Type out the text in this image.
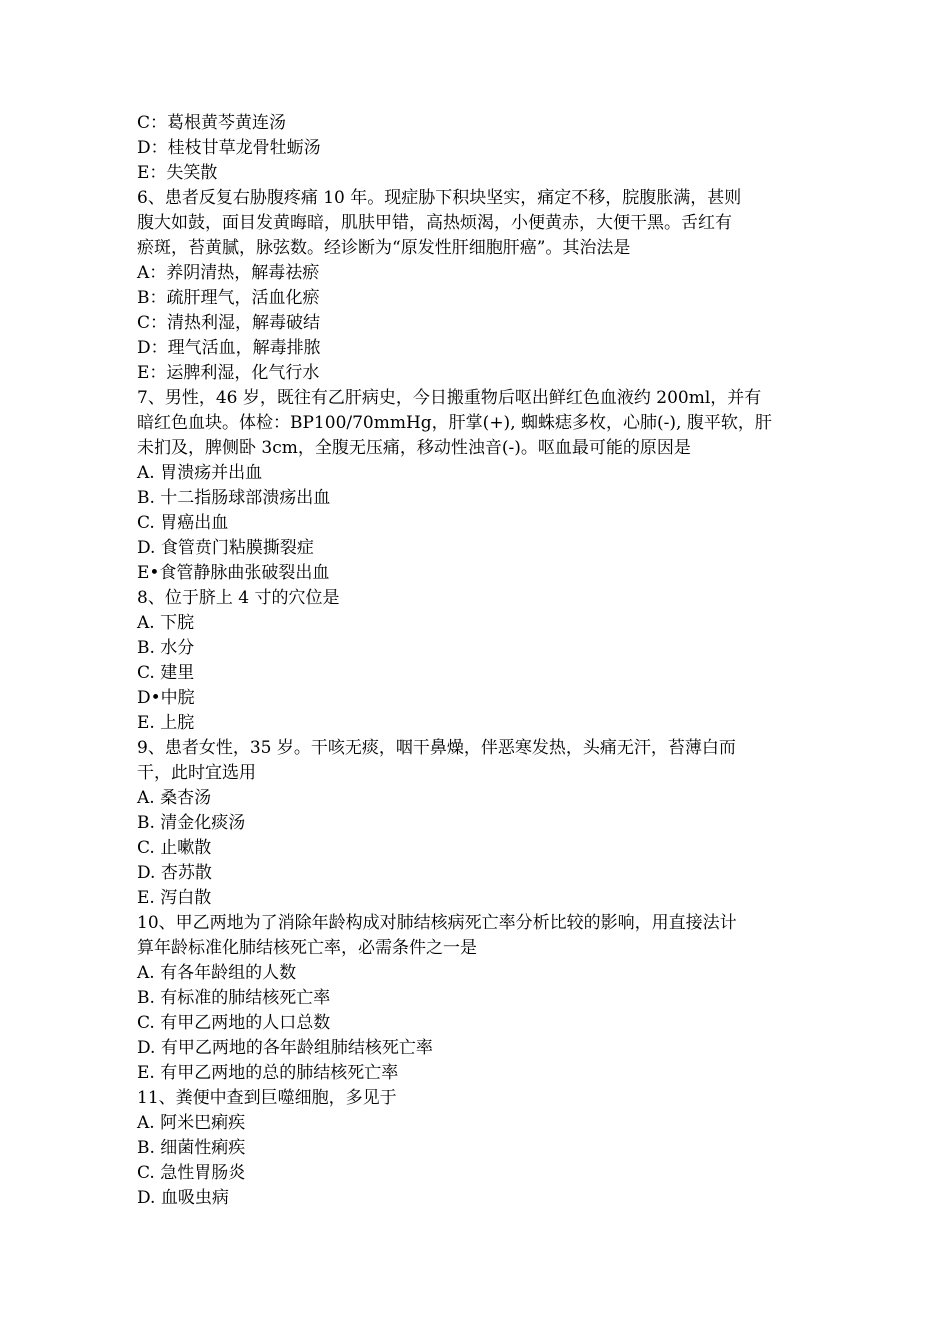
C：葛根黄芩黄连汤
D：桂枝甘草龙骨牡蛎汤
E：失笑散
6、患者反复右胁腹疼痛 10 年。现症胁下积块坚实，痛定不移，脘腹胀满，甚则
腹大如鼓，面目发黄晦暗，肌肤甲错，高热烦渴，小便黄赤，大便干黑。舌红有
瘀斑，苔黄腻，脉弦数。经诊断为“原发性肝细胞肝癌”。其治法是
A：养阴清热，解毒祛瘀
B：疏肝理气，活血化瘀
C：清热利湿，解毒破结
D：理气活血，解毒排脓
E：运脾利湿，化气行水
7、男性，46 岁，既往有乙肝病史，今日搬重物后呕出鲜红色血液约 200ml，并有
暗红色血块。体检：BP100/70mmHg，肝掌(+), 蜘蛛痣多枚，心肺(-), 腹平软，肝
未扪及，脾侧卧 3cm，全腹无压痛，移动性浊音(-)。呕血最可能的原因是
A. 胃溃疡并出血
B. 十二指肠球部溃疡出血
C. 胃癌出血
D. 食管贲门粘膜撕裂症
E•食管静脉曲张破裂出血
8、位于脐上 4 寸的穴位是
A. 下脘
B. 水分
C. 建里
D•中脘
E. 上脘
9、患者女性，35 岁。干咳无痰，咽干鼻燥，伴恶寒发热，头痛无汗，苔薄白而
干，此时宜选用
A. 桑杏汤
B. 清金化痰汤
C. 止嗽散
D. 杏苏散
E. 泻白散
10、甲乙两地为了消除年龄构成对肺结核病死亡率分析比较的影响，用直接法计
算年龄标准化肺结核死亡率，必需条件之一是
A. 有各年龄组的人数
B. 有标准的肺结核死亡率
C. 有甲乙两地的人口总数
D. 有甲乙两地的各年龄组肺结核死亡率
E. 有甲乙两地的总的肺结核死亡率
11、粪便中查到巨噬细胞，多见于
A. 阿米巴痢疾
B. 细菌性痢疾
C. 急性胃肠炎
D. 血吸虫病
